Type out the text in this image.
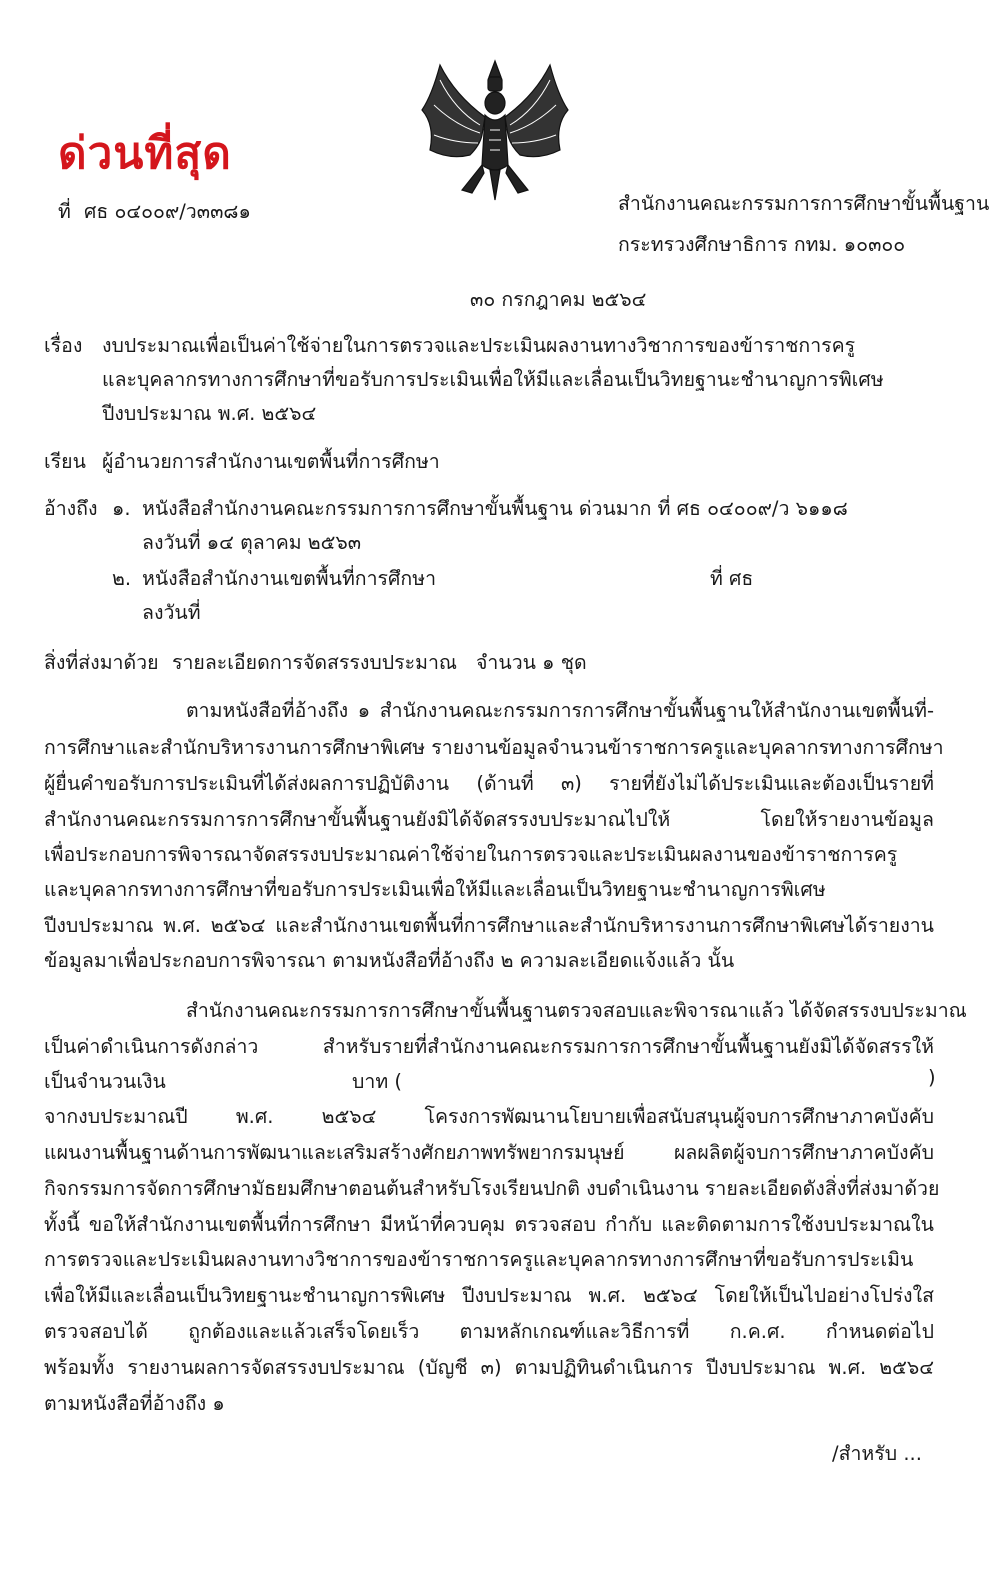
ด่วนที่สุด
ที่ ศธ ๐๔๐๐๙/ว๓๓๘๑	สำนักงานคณะกรรมการการศึกษาขั้นพื้นฐาน
กระทรวงศึกษาธิการ กทม. ๑๐๓๐๐
๓๐ กรกฎาคม ๒๕๖๔
เรื่อง งบประมาณเพื่อเป็นค่าใช้จ่ายในการตรวจและประเมินผลงานทางวิชาการของข้าราชการครู
และบุคลากรทางการศึกษาที่ขอรับการประเมินเพื่อให้มีและเลื่อนเป็นวิทยฐานะชำนาญการพิเศษ
ปีงบประมาณ พ.ศ. ๒๕๖๔
เรียน ผู้อำนวยการสำนักงานเขตพื้นที่การศึกษา
อ้างถึง ๑. หนังสือสำนักงานคณะกรรมการการศึกษาขั้นพื้นฐาน ด่วนมาก ที่ ศธ ๐๔๐๐๙/ว ๖๑๑๘
ลงวันที่ ๑๔ ตุลาคม ๒๕๖๓
๒. หนังสือสำนักงานเขตพื้นที่การศึกษา	ที่ ศธ
ลงวันที่
สิ่งที่ส่งมาด้วย รายละเอียดการจัดสรรงบประมาณ จำนวน ๑ ชุด
ตามหนังสือที่อ้างถึง ๑ สำนักงานคณะกรรมการการศึกษาขั้นพื้นฐานให้สำนักงานเขตพื้นที่-
การศึกษาและสำนักบริหารงานการศึกษาพิเศษ รายงานข้อมูลจำนวนข้าราชการครูและบุคลากรทางการศึกษา
ผู้ยื่นคำขอรับการประเมินที่ได้ส่งผลการปฏิบัติงาน (ด้านที่ ๓) รายที่ยังไม่ได้ประเมินและต้องเป็นรายที่
สำนักงานคณะกรรมการการศึกษาขั้นพื้นฐานยังมิได้จัดสรรงบประมาณไปให้ โดยให้รายงานข้อมูล
เพื่อประกอบการพิจารณาจัดสรรงบประมาณค่าใช้จ่ายในการตรวจและประเมินผลงานของข้าราชการครู
และบุคลากรทางการศึกษาที่ขอรับการประเมินเพื่อให้มีและเลื่อนเป็นวิทยฐานะชำนาญการพิเศษ
ปีงบประมาณ พ.ศ. ๒๕๖๔ และสำนักงานเขตพื้นที่การศึกษาและสำนักบริหารงานการศึกษาพิเศษได้รายงาน
ข้อมูลมาเพื่อประกอบการพิจารณา ตามหนังสือที่อ้างถึง ๒ ความละเอียดแจ้งแล้ว นั้น
สำนักงานคณะกรรมการการศึกษาขั้นพื้นฐานตรวจสอบและพิจารณาแล้ว ได้จัดสรรงบประมาณ
เป็นค่าดำเนินการดังกล่าว สำหรับรายที่สำนักงานคณะกรรมการการศึกษาขั้นพื้นฐานยังมิได้จัดสรรให้
เป็นจำนวนเงิน	บาท (	)
จากงบประมาณปี พ.ศ. ๒๕๖๔ โครงการพัฒนานโยบายเพื่อสนับสนุนผู้จบการศึกษาภาคบังคับ
แผนงานพื้นฐานด้านการพัฒนาและเสริมสร้างศักยภาพทรัพยากรมนุษย์ ผลผลิตผู้จบการศึกษาภาคบังคับ
กิจกรรมการจัดการศึกษามัธยมศึกษาตอนต้นสำหรับโรงเรียนปกติ งบดำเนินงาน รายละเอียดดังสิ่งที่ส่งมาด้วย
ทั้งนี้ ขอให้สำนักงานเขตพื้นที่การศึกษา มีหน้าที่ควบคุม ตรวจสอบ กำกับ และติดตามการใช้งบประมาณใน
การตรวจและประเมินผลงานทางวิชาการของข้าราชการครูและบุคลากรทางการศึกษาที่ขอรับการประเมิน
เพื่อให้มีและเลื่อนเป็นวิทยฐานะชำนาญการพิเศษ ปีงบประมาณ พ.ศ. ๒๕๖๔ โดยให้เป็นไปอย่างโปร่งใส
ตรวจสอบได้ ถูกต้องและแล้วเสร็จโดยเร็ว ตามหลักเกณฑ์และวิธีการที่ ก.ค.ศ. กำหนดต่อไป
พร้อมทั้ง รายงานผลการจัดสรรงบประมาณ (บัญชี ๓) ตามปฏิทินดำเนินการ ปีงบประมาณ พ.ศ. ๒๕๖๔
ตามหนังสือที่อ้างถึง ๑
/สำหรับ ...
